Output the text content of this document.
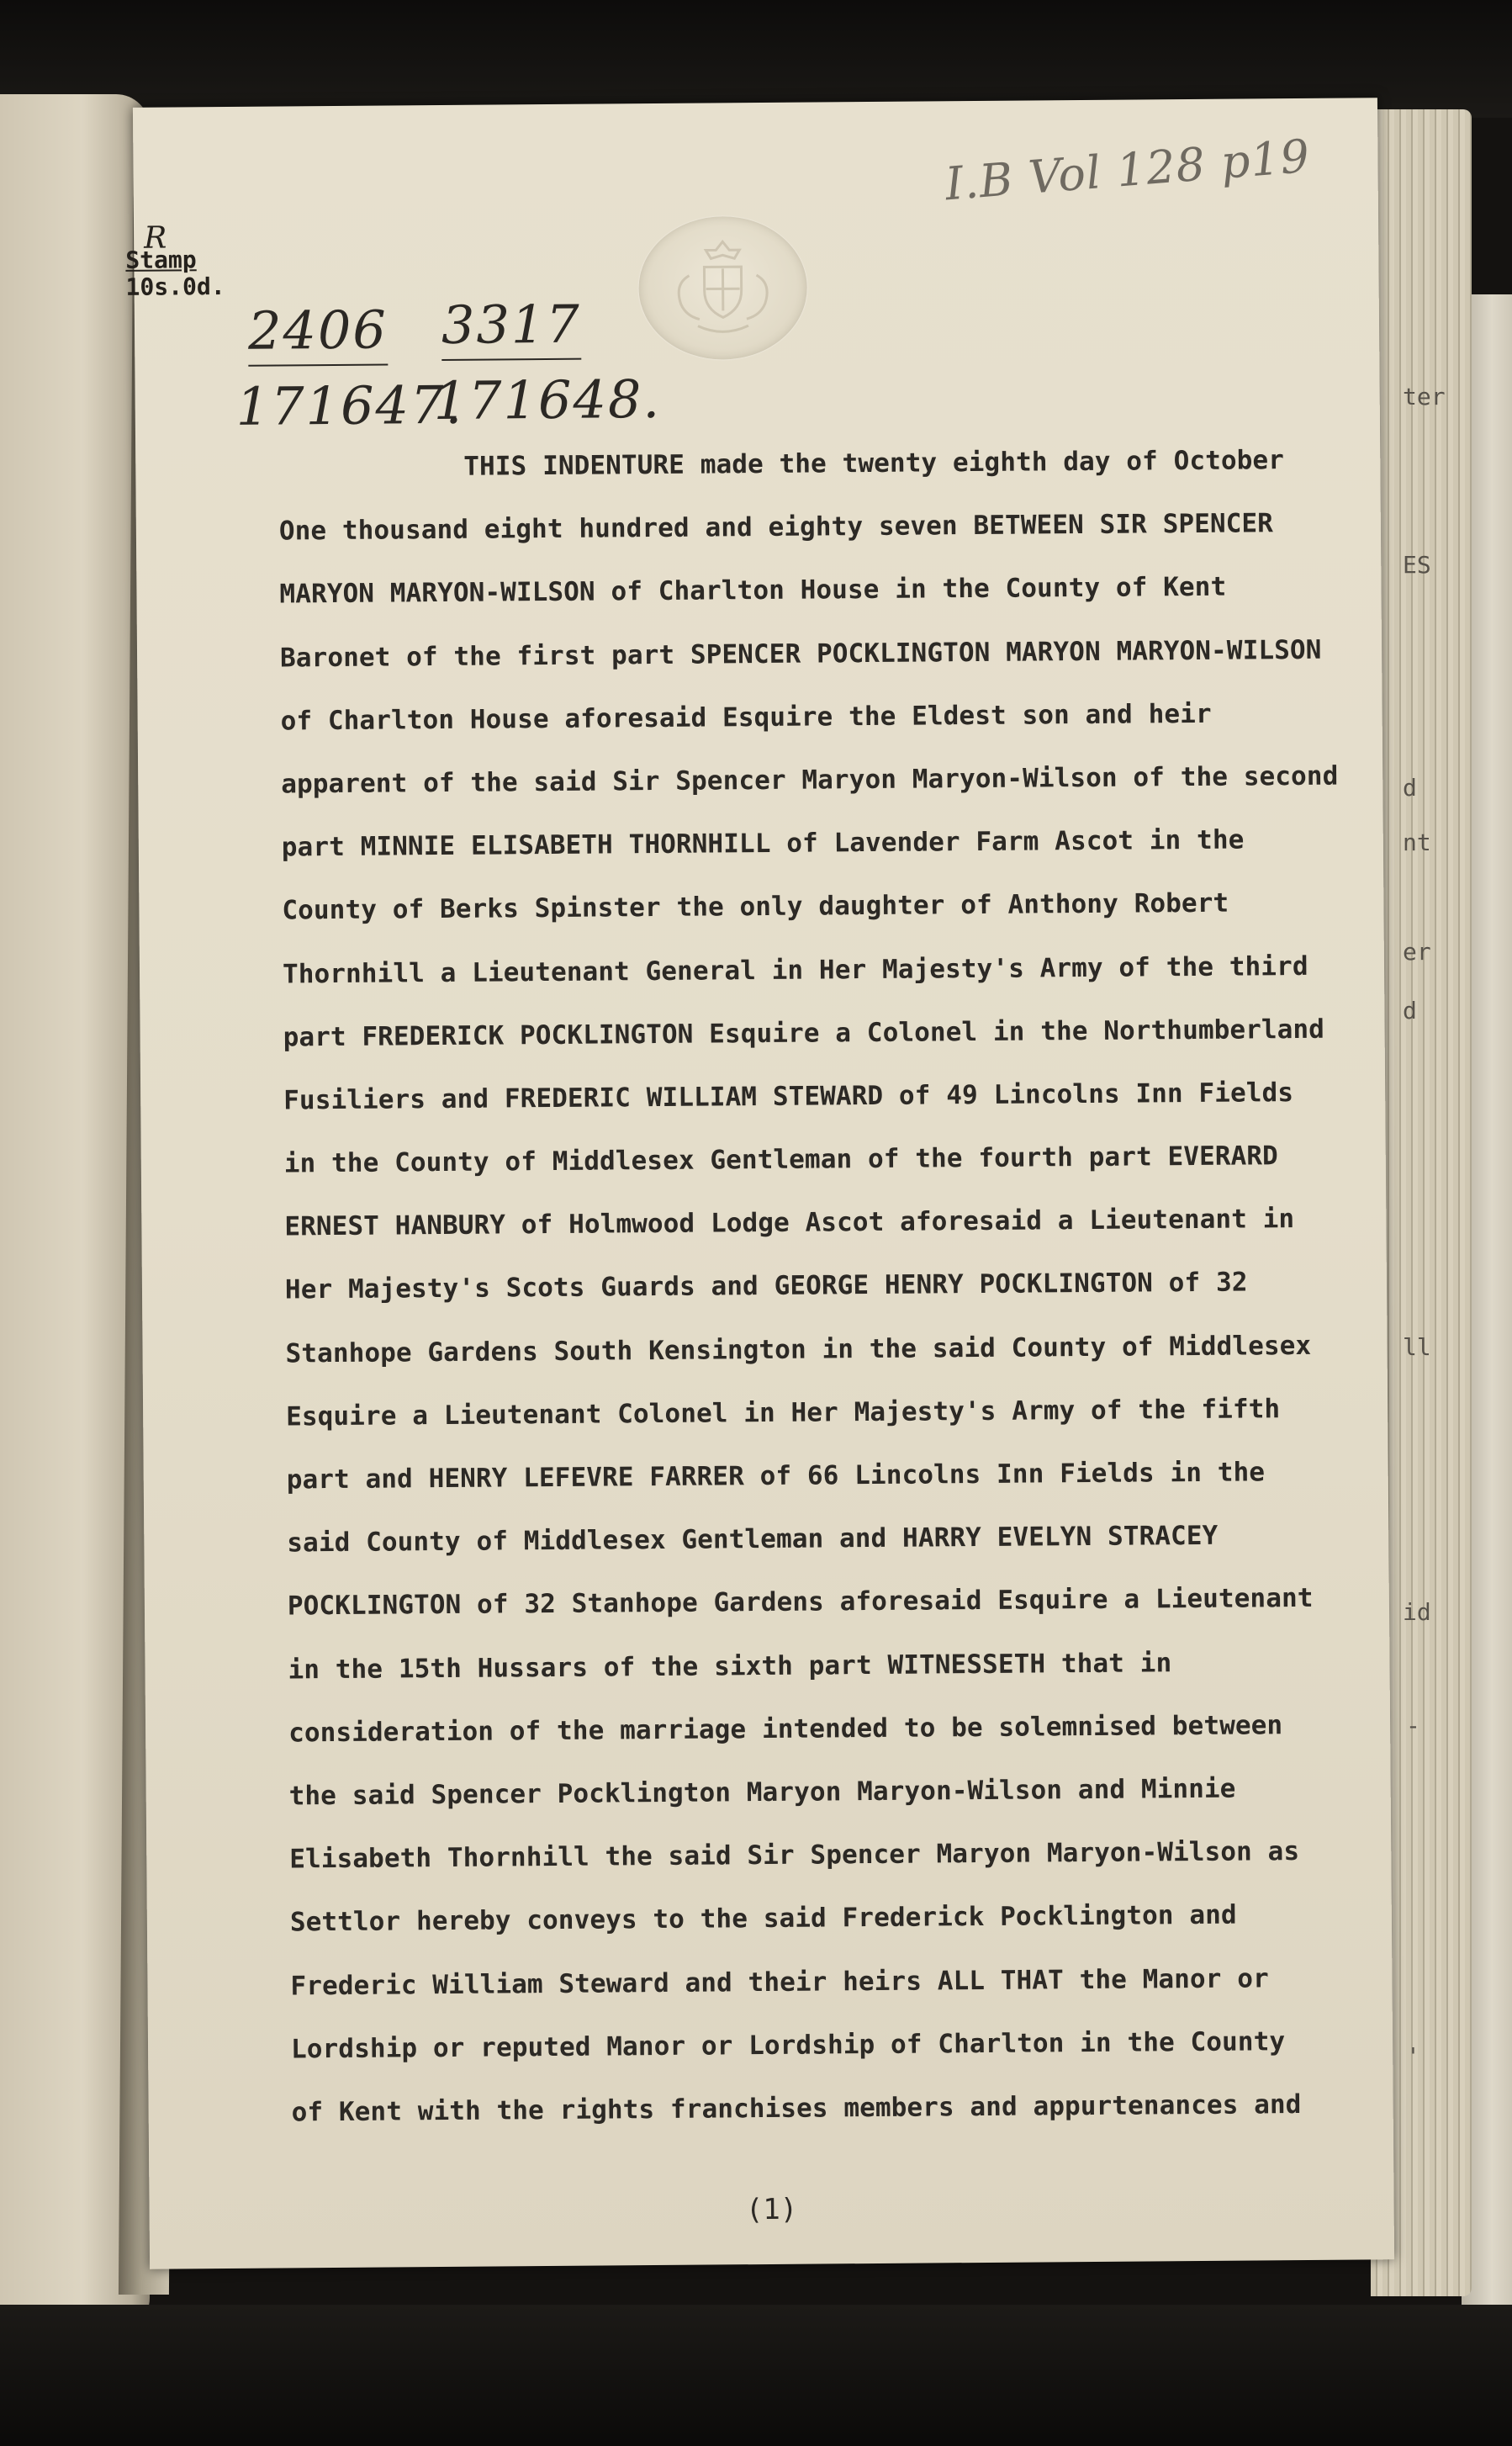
ter
ES
d
nt
er
d
ll
id
-
'
R
Stamp
10s.0d.
I.B Vol 128 p19
2406 3317
171647.
171648.
THIS INDENTURE made the twenty eighth day of October
One thousand eight hundred and eighty seven BETWEEN SIR SPENCER
MARYON MARYON-WILSON of Charlton House in the County of Kent
Baronet of the first part SPENCER POCKLINGTON MARYON MARYON-WILSON
of Charlton House aforesaid Esquire the Eldest son and heir
apparent of the said Sir Spencer Maryon Maryon-Wilson of the second
part MINNIE ELISABETH THORNHILL of Lavender Farm Ascot in the
County of Berks Spinster the only daughter of Anthony Robert
Thornhill a Lieutenant General in Her Majesty's Army of the third
part FREDERICK POCKLINGTON Esquire a Colonel in the Northumberland
Fusiliers and FREDERIC WILLIAM STEWARD of 49 Lincolns Inn Fields
in the County of Middlesex Gentleman of the fourth part EVERARD
ERNEST HANBURY of Holmwood Lodge Ascot aforesaid a Lieutenant in
Her Majesty's Scots Guards and GEORGE HENRY POCKLINGTON of 32
Stanhope Gardens South Kensington in the said County of Middlesex
Esquire a Lieutenant Colonel in Her Majesty's Army of the fifth
part and HENRY LEFEVRE FARRER of 66 Lincolns Inn Fields in the
said County of Middlesex Gentleman and HARRY EVELYN STRACEY
POCKLINGTON of 32 Stanhope Gardens aforesaid Esquire a Lieutenant
in the 15th Hussars of the sixth part WITNESSETH that in
consideration of the marriage intended to be solemnised between
the said Spencer Pocklington Maryon Maryon-Wilson and Minnie
Elisabeth Thornhill the said Sir Spencer Maryon Maryon-Wilson as
Settlor hereby conveys to the said Frederick Pocklington and
Frederic William Steward and their heirs ALL THAT the Manor or
Lordship or reputed Manor or Lordship of Charlton in the County
of Kent with the rights franchises members and appurtenances and
(1)
